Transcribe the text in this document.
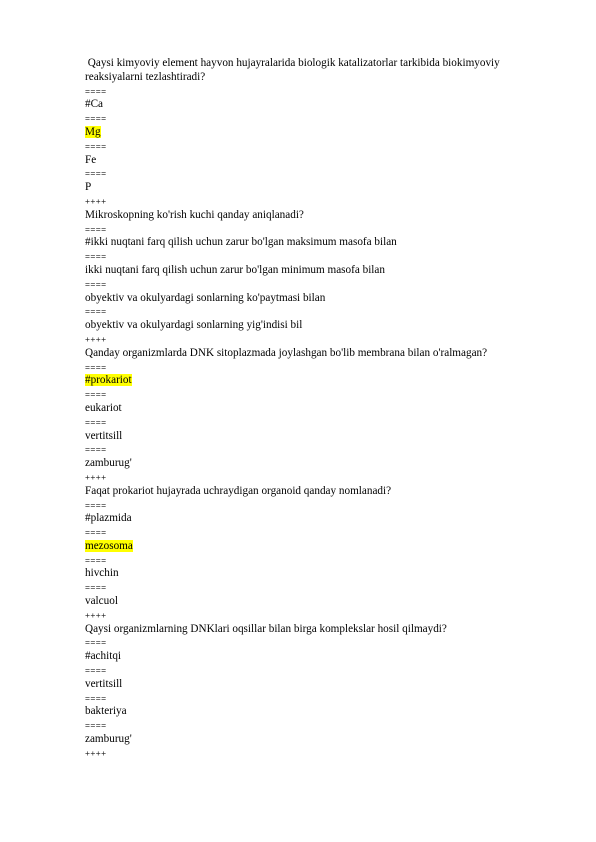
Qaysi kimyoviy element hayvon hujayralarida biologik katalizatorlar tarkibida biokimyoviy reaksiyalarni tezlashtiradi?
====
#Ca
====
Mg
====
Fe
====
P
++++
Mikroskopning ko'rish kuchi qanday aniqlanadi?
====
#ikki nuqtani farq qilish uchun zarur bo'lgan maksimum masofa bilan
====
ikki nuqtani farq qilish uchun zarur bo'lgan minimum masofa bilan
====
obyektiv va okulyardagi sonlarning ko'paytmasi bilan
====
obyektiv va okulyardagi sonlarning yig'indisi bil
++++
Qanday organizmlarda DNK sitoplazmada joylashgan bo'lib membrana bilan o'ralmagan?
====
#prokariot
====
eukariot
====
vertitsill
====
zamburug'
++++
Faqat prokariot hujayrada uchraydigan organoid qanday nomlanadi?
====
#plazmida
====
mezosoma
====
hivchin
====
valcuol
++++
Qaysi organizmlarning DNKlari oqsillar bilan birga komplekslar hosil qilmaydi?
====
#achitqi
====
vertitsill
====
bakteriya
====
zamburug'
++++
